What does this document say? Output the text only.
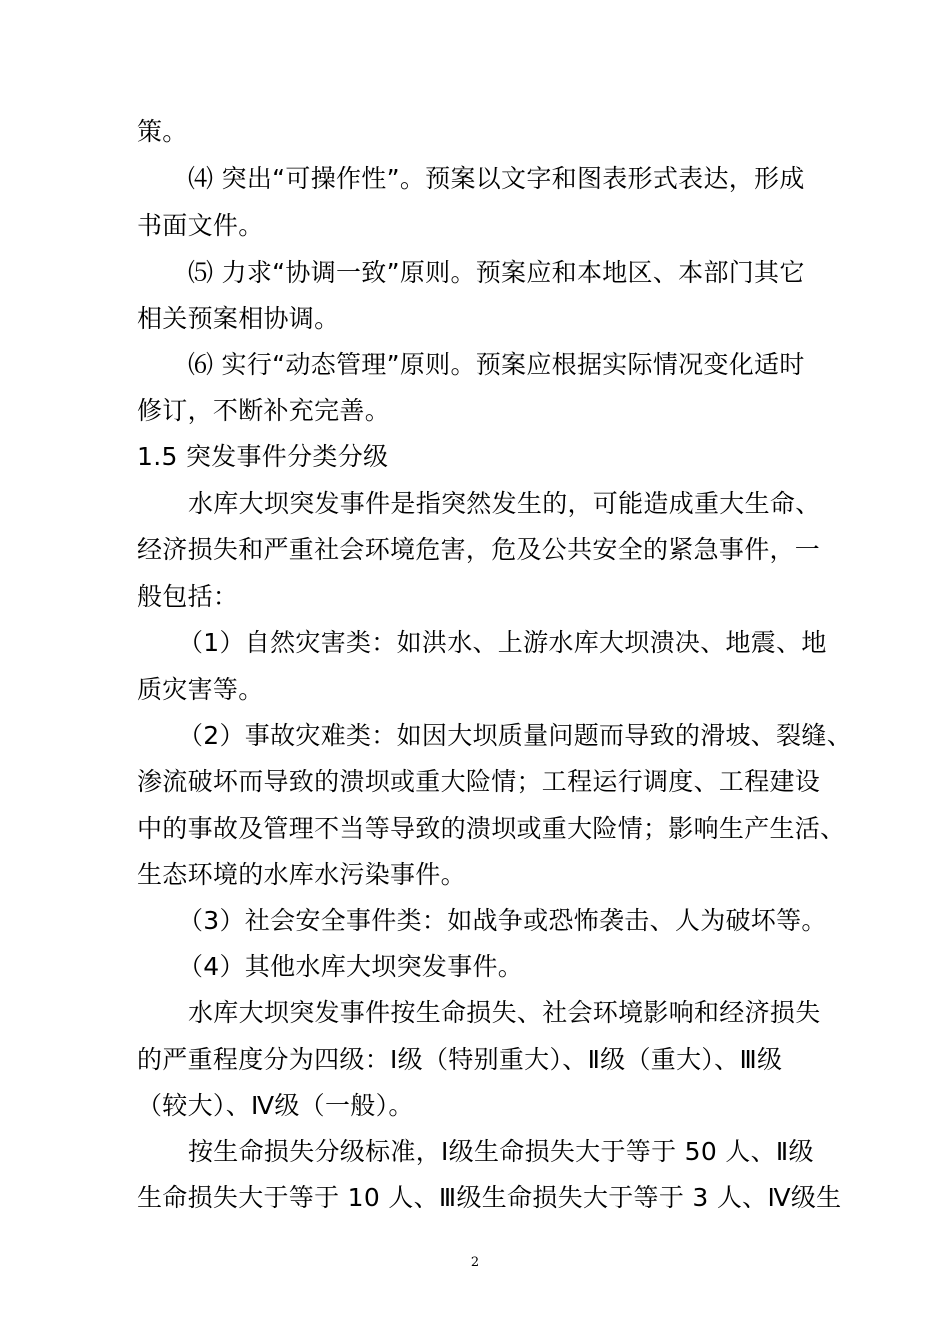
策。
⑷ 突出“可操作性”。预案以文字和图表形式表达，形成
书面文件。
⑸ 力求“协调一致”原则。预案应和本地区、本部门其它
相关预案相协调。
⑹ 实行“动态管理”原则。预案应根据实际情况变化适时
修订，不断补充完善。
1.5 突发事件分类分级
水库大坝突发事件是指突然发生的，可能造成重大生命、
经济损失和严重社会环境危害，危及公共安全的紧急事件，一
般包括：
（1）自然灾害类：如洪水、上游水库大坝溃决、地震、地
质灾害等。
（2）事故灾难类：如因大坝质量问题而导致的滑坡、裂缝、
渗流破坏而导致的溃坝或重大险情；工程运行调度、工程建设
中的事故及管理不当等导致的溃坝或重大险情；影响生产生活、
生态环境的水库水污染事件。
（3）社会安全事件类：如战争或恐怖袭击、人为破坏等。
（4）其他水库大坝突发事件。
水库大坝突发事件按生命损失、社会环境影响和经济损失
的严重程度分为四级：Ⅰ级（特别重大）、Ⅱ级（重大）、Ⅲ级
（较大）、Ⅳ级（一般）。
按生命损失分级标准，Ⅰ级生命损失大于等于 50 人、Ⅱ级
生命损失大于等于 10 人、Ⅲ级生命损失大于等于 3 人、Ⅳ级生
2
